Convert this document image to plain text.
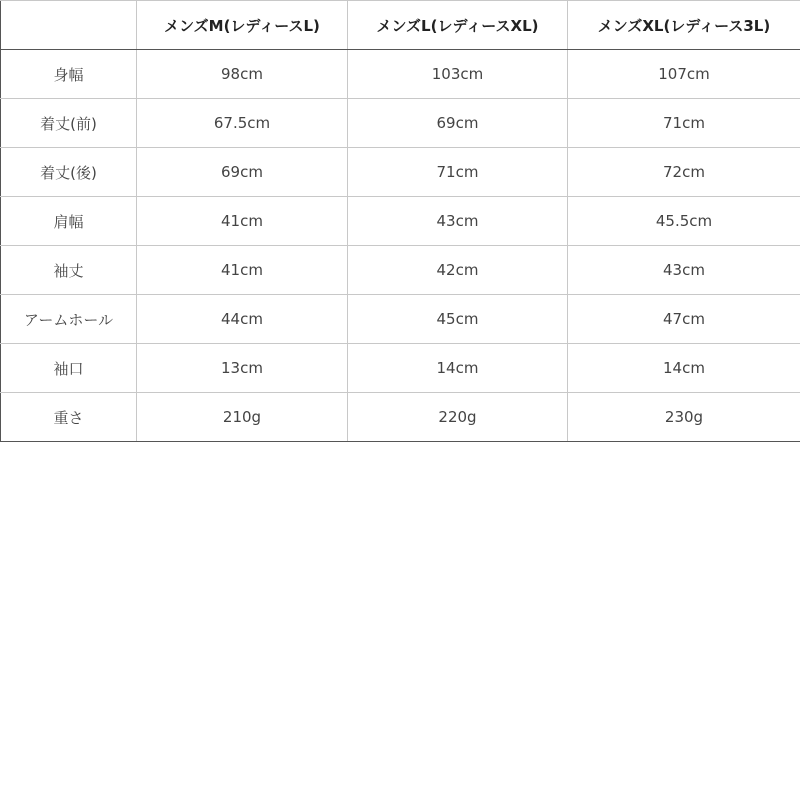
	メンズM(レディースL)	メンズL(レディースXL)	メンズXL(レディース3L)
身幅	98cm	103cm	107cm
着丈(前)	67.5cm	69cm	71cm
着丈(後)	69cm	71cm	72cm
肩幅	41cm	43cm	45.5cm
袖丈	41cm	42cm	43cm
アームホール	44cm	45cm	47cm
袖口	13cm	14cm	14cm
重さ	210g	220g	230g
